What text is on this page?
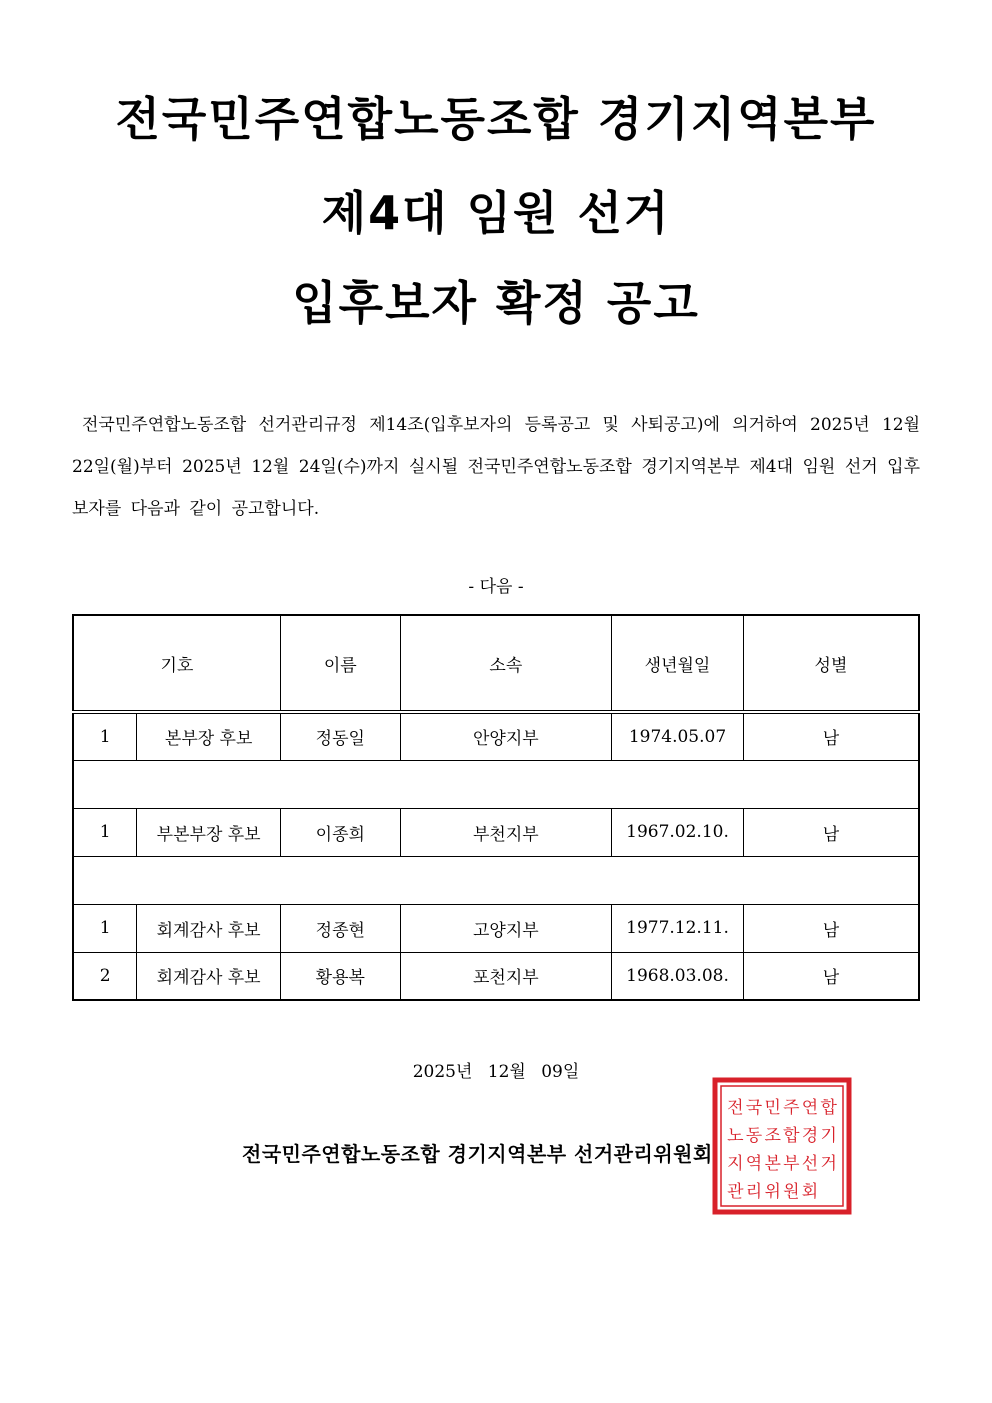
전국민주연합노동조합 경기지역본부
제4대 임원 선거
입후보자 확정 공고
전국민주연합노동조합 선거관리규정 제14조(입후보자의 등록공고 및 사퇴공고)에 의거하여 2025년 12월 22일(월)부터 2025년 12월 24일(수)까지 실시될 전국민주연합노동조합 경기지역본부 제4대 임원 선거 입후보자를 다음과 같이 공고합니다.
- 다음 -
기호		이름	소속	생년월일	성별
1	본부장 후보	정동일	안양지부	1974.05.07	남

1	부본부장 후보	이종희	부천지부	1967.02.10.	남

1	회계감사 후보	정종현	고양지부	1977.12.11.	남
2	회계감사 후보	황용복	포천지부	1968.03.08.	남
2025년 12월 09일
전국민주연합노동조합 경기지역본부 선거관리위원회
전 국 민 주 연 합
노 동 조 합 경 기
지 역 본 부 선 거
관 리 위 원 회
